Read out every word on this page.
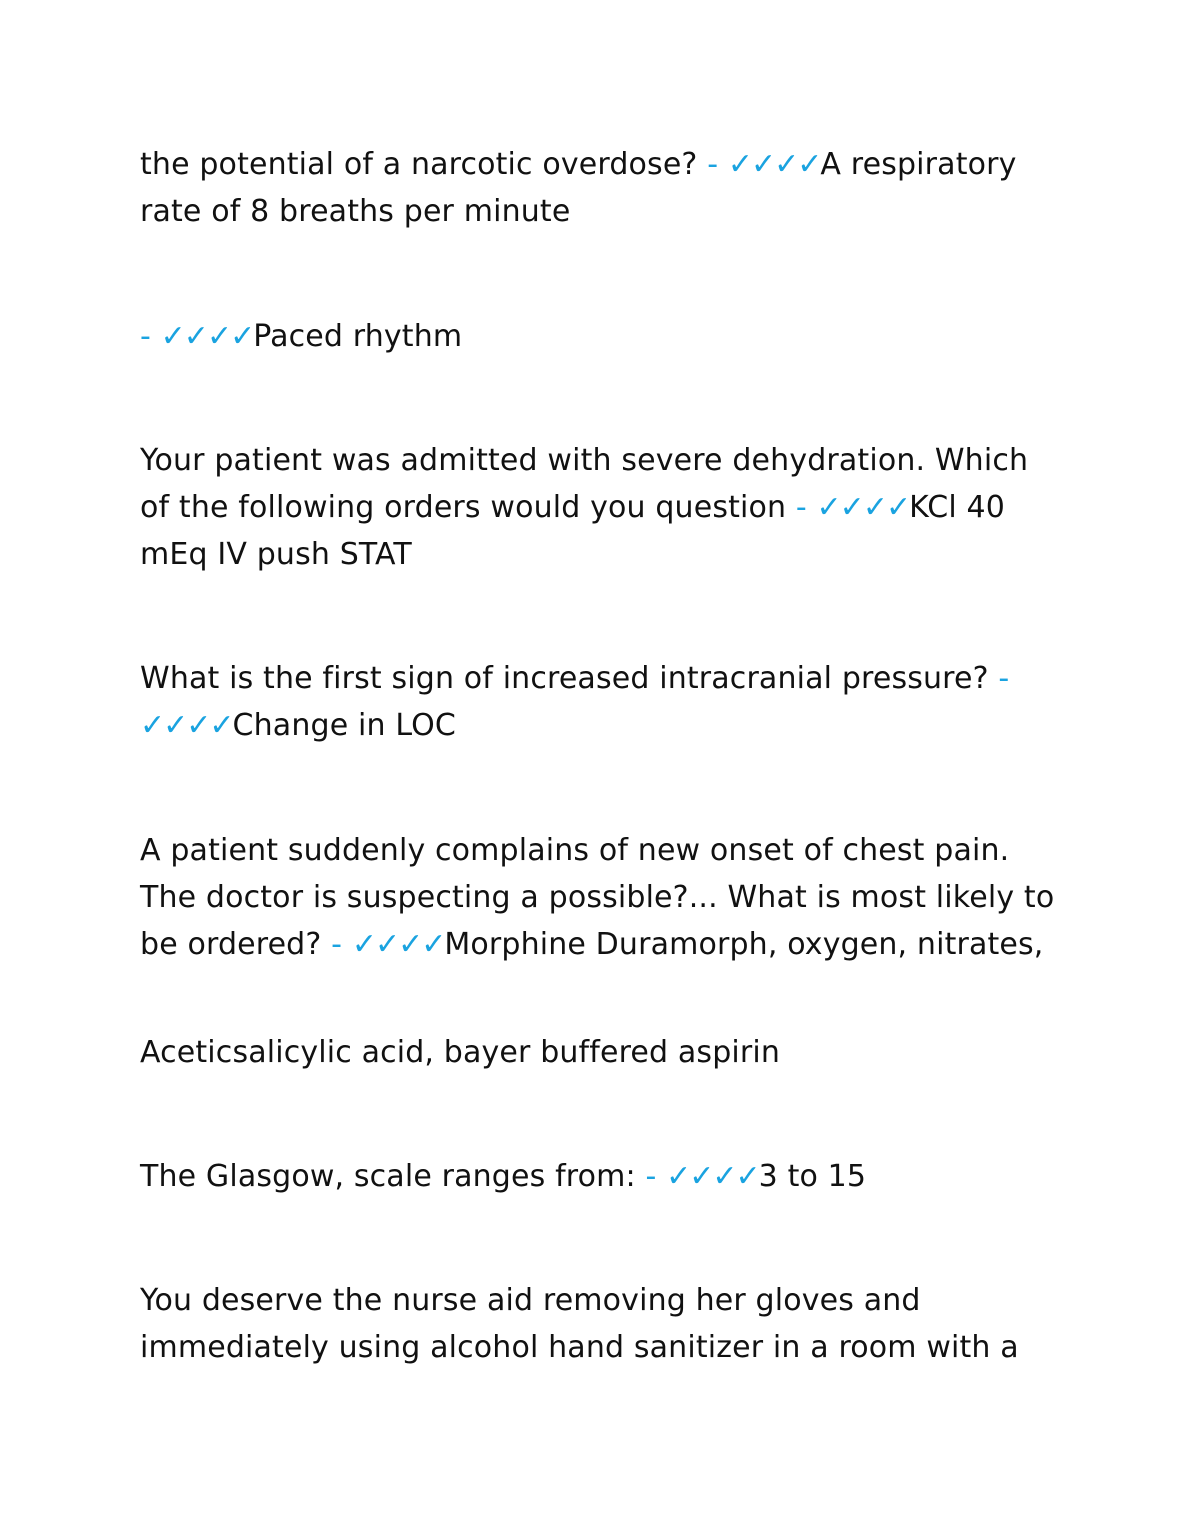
the potential of a narcotic overdose? - ✓✓✓✓A respiratory rate of 8 breaths per minute

- ✓✓✓✓Paced rhythm

Your patient was admitted with severe dehydration. Which of the following orders would you question - ✓✓✓✓KCl 40 mEq IV push STAT

What is the first sign of increased intracranial pressure? - ✓✓✓✓Change in LOC

A patient suddenly complains of new onset of chest pain. The doctor is suspecting a possible?... What is most likely to be ordered? - ✓✓✓✓Morphine Duramorph, oxygen, nitrates,

Aceticsalicylic acid, bayer buffered aspirin

The Glasgow, scale ranges from: - ✓✓✓✓3 to 15

You deserve the nurse aid removing her gloves and immediately using alcohol hand sanitizer in a room with a
